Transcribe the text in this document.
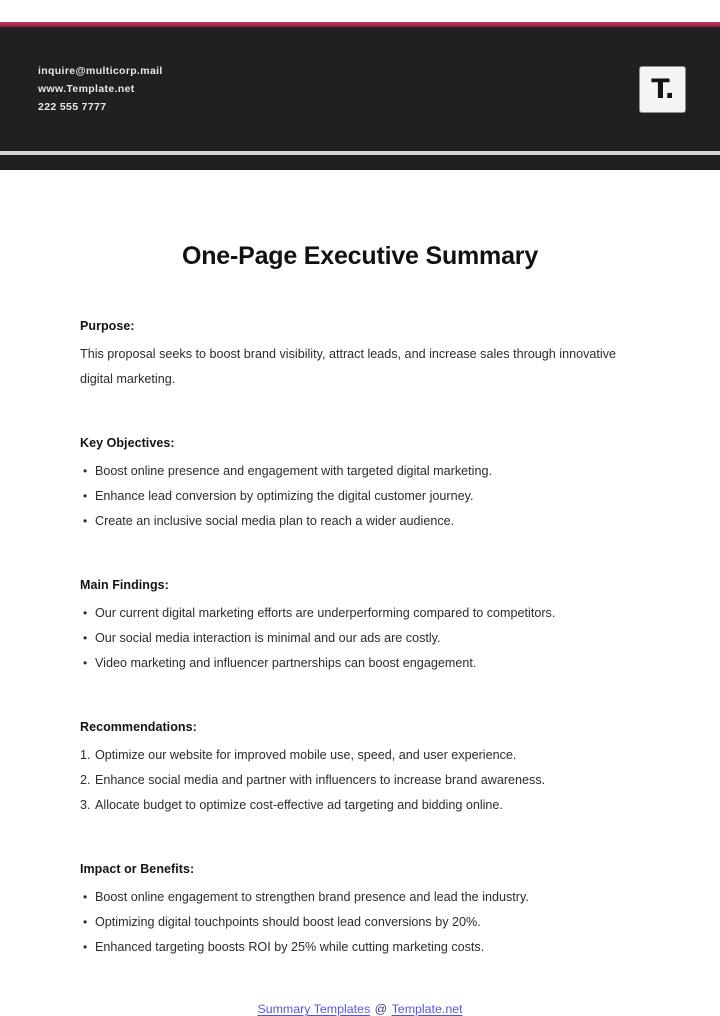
inquire@multicorp.mail
www.Template.net
222 555 7777
T.
One-Page Executive Summary
Purpose:

This proposal seeks to boost brand visibility, attract leads, and increase sales through innovative digital marketing.

Key Objectives:
• Boost online presence and engagement with targeted digital marketing.
• Enhance lead conversion by optimizing the digital customer journey.
• Create an inclusive social media plan to reach a wider audience.
Main Findings:
• Our current digital marketing efforts are underperforming compared to competitors.
• Our social media interaction is minimal and our ads are costly.
• Video marketing and influencer partnerships can boost engagement.
Recommendations:
1. Optimize our website for improved mobile use, speed, and user experience.
2. Enhance social media and partner with influencers to increase brand awareness.
3. Allocate budget to optimize cost-effective ad targeting and bidding online.
Impact or Benefits:
• Boost online engagement to strengthen brand presence and lead the industry.
• Optimizing digital touchpoints should boost lead conversions by 20%.
• Enhanced targeting boosts ROI by 25% while cutting marketing costs.
Summary Templates @ Template.net
